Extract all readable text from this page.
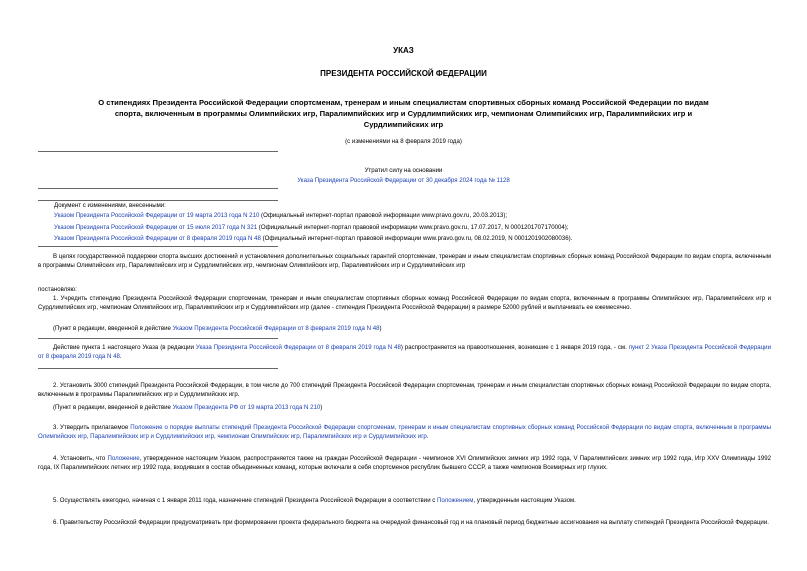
УКАЗ
ПРЕЗИДЕНТА РОССИЙСКОЙ ФЕДЕРАЦИИ
О стипендиях Президента Российской Федерации спортсменам, тренерам и иным специалистам спортивных сборных команд Российской Федерации по видам
спорта, включенным в программы Олимпийских игр, Паралимпийских игр и Сурдлимпийских игр, чемпионам Олимпийских игр, Паралимпийских игр и
Сурдлимпийских игр
(с изменениями на 8 февраля 2019 года)
Утратил силу на основании
Указа Президента Российской Федерации от 30 декабря 2024 года № 1128
Документ с изменениями, внесенными:
Указом Президента Российской Федерации от 19 марта 2013 года N 210 (Официальный интернет-портал правовой информации www.pravo.gov.ru, 20.03.2013);
Указом Президента Российской Федерации от 15 июля 2017 года N 321 (Официальный интернет-портал правовой информации www.pravo.gov.ru, 17.07.2017, N 0001201707170004);
Указом Президента Российской Федерации от 8 февраля 2019 года N 48 (Официальный интернет-портал правовой информации www.pravo.gov.ru, 08.02.2019, N 0001201902080036).
В целях государственной поддержки спорта высших достижений и установления дополнительных социальных гарантий спортсменам, тренерам и иным специалистам спортивных сборных команд Российской Федерации по видам спорта, включенным в программы Олимпийских игр, Паралимпийских игр и Сурдлимпийских игр, чемпионам Олимпийских игр, Паралимпийских игр и Сурдлимпийских игр
постановляю:
1. Учредить стипендию Президента Российской Федерации спортсменам, тренерам и иным специалистам спортивных сборных команд Российской Федерации по видам спорта, включенным в программы Олимпийских игр, Паралимпийских игр и Сурдлимпийских игр, чемпионам Олимпийских игр, Паралимпийских игр и Сурдлимпийских игр (далее - стипендия Президента Российской Федерации) в размере 52000 рублей и выплачивать ее ежемесячно.
(Пункт в редакции, введенной в действие Указом Президента Российской Федерации от 8 февраля 2019 года N 48)
Действие пункта 1 настоящего Указа (в редакции Указа Президента Российской Федерации от 8 февраля 2019 года N 48) распространяется на правоотношения, возникшие с 1 января 2019 года, - см. пункт 2 Указа Президента Российской Федерации от 8 февраля 2019 года N 48.
2. Установить 3000 стипендий Президента Российской Федерации, в том числе до 700 стипендий Президента Российской Федерации спортсменам, тренерам и иным специалистам спортивных сборных команд Российской Федерации по видам спорта, включенным в программы Паралимпийских игр и Сурдлимпийских игр.
(Пункт в редакции, введенной в действие Указом Президента РФ от 19 марта 2013 года N 210)
3. Утвердить прилагаемое Положение о порядке выплаты стипендий Президента Российской Федерации спортсменам, тренерам и иным специалистам спортивных сборных команд Российской Федерации по видам спорта, включенным в программы Олимпийских игр, Паралимпийских игр и Сурдлимпийских игр, чемпионам Олимпийских игр, Паралимпийских игр и Сурдлимпийских игр.
4. Установить, что Положение, утвержденное настоящим Указом, распространяется также на граждан Российской Федерации - чемпионов XVI Олимпийских зимних игр 1992 года, V Паралимпийских зимних игр 1992 года, Игр XXV Олимпиады 1992 года, IX Паралимпийских летних игр 1992 года, входивших в состав объединенных команд, которые включали в себя спортсменов республик бывшего СССР, а также чемпионов Всемирных игр глухих.
5. Осуществлять ежегодно, начиная с 1 января 2011 года, назначение стипендий Президента Российской Федерации в соответствии с Положением, утвержденным настоящим Указом.
6. Правительству Российской Федерации предусматривать при формировании проекта федерального бюджета на очередной финансовый год и на плановый период бюджетные ассигнования на выплату стипендий Президента Российской Федерации.
